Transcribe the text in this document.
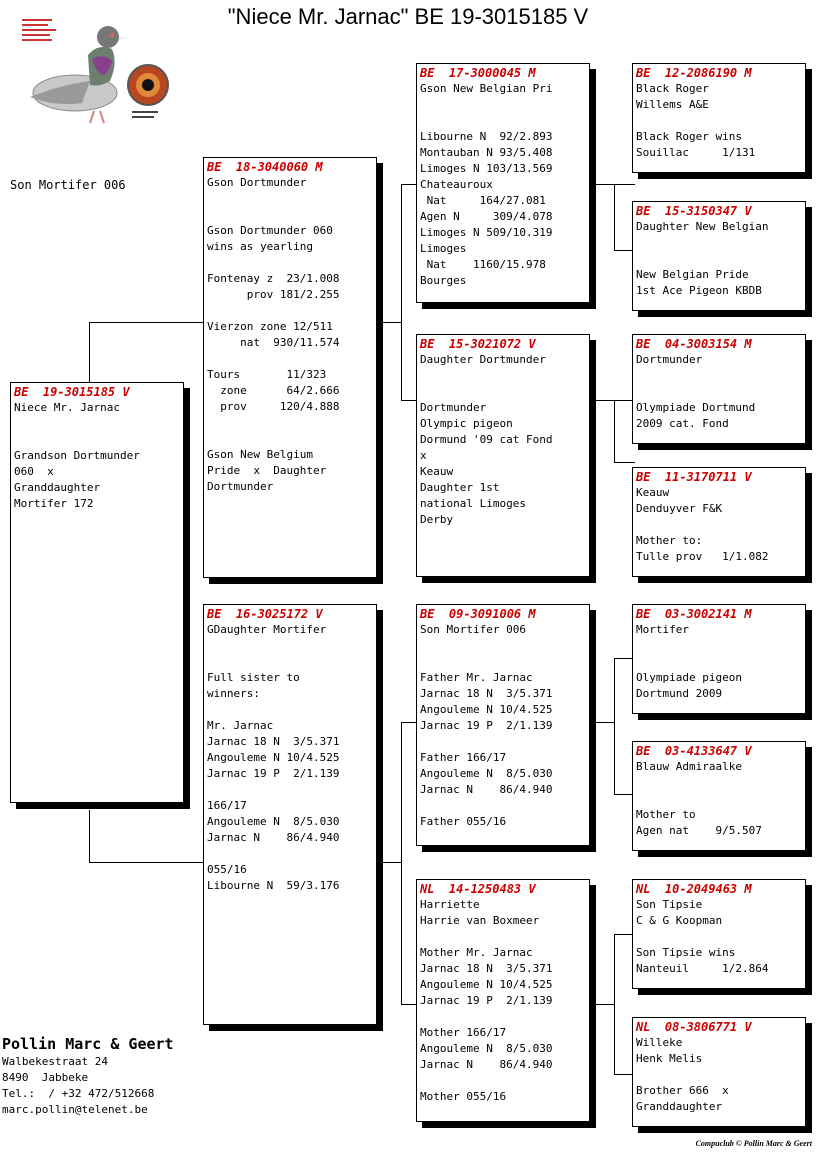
"Niece Mr. Jarnac" BE 19-3015185 V
Son Mortifer 006
BE  19-3015185 V
Niece Mr. Jarnac
Grandson Dortmunder
060  x
Granddaughter
Mortifer 172
BE  18-3040060 M
Gson Dortmunder
Gson Dortmunder 060
wins as yearling
Fontenay z  23/1.008
prov 181/2.255
Vierzon zone 12/511
nat  930/11.574
Tours       11/323
zone      64/2.666
prov     120/4.888
Gson New Belgium
Pride  x  Daughter
Dortmunder
BE  16-3025172 V
GDaughter Mortifer
Full sister to
winners:
Mr. Jarnac
Jarnac 18 N  3/5.371
Angouleme N 10/4.525
Jarnac 19 P  2/1.139
166/17
Angouleme N  8/5.030
Jarnac N    86/4.940
055/16
Libourne N  59/3.176
BE  17-3000045 M
Gson New Belgian Pri
Libourne N  92/2.893
Montauban N 93/5.408
Limoges N 103/13.569
Chateauroux
Nat     164/27.081
Agen N     309/4.078
Limoges N 509/10.319
Limoges
Nat    1160/15.978
Bourges
BE  15-3021072 V
Daughter Dortmunder
Dortmunder
Olympic pigeon
Dormund '09 cat Fond
x
Keauw
Daughter 1st
national Limoges
Derby
BE  09-3091006 M
Son Mortifer 006
Father Mr. Jarnac
Jarnac 18 N  3/5.371
Angouleme N 10/4.525
Jarnac 19 P  2/1.139
Father 166/17
Angouleme N  8/5.030
Jarnac N    86/4.940
Father 055/16
NL  14-1250483 V
Harriette
Harrie van Boxmeer
Mother Mr. Jarnac
Jarnac 18 N  3/5.371
Angouleme N 10/4.525
Jarnac 19 P  2/1.139
Mother 166/17
Angouleme N  8/5.030
Jarnac N    86/4.940
Mother 055/16
BE  12-2086190 M
Black Roger
Willems A&E
Black Roger wins
Souillac     1/131
BE  15-3150347 V
Daughter New Belgian
New Belgian Pride
1st Ace Pigeon KBDB
BE  04-3003154 M
Dortmunder
Olympiade Dortmund
2009 cat. Fond
BE  11-3170711 V
Keauw
Denduyver F&K
Mother to:
Tulle prov   1/1.082
BE  03-3002141 M
Mortifer
Olympiade pigeon
Dortmund 2009
BE  03-4133647 V
Blauw Admiraalke
Mother to
Agen nat    9/5.507
NL  10-2049463 M
Son Tipsie
C & G Koopman
Son Tipsie wins
Nanteuil     1/2.864
NL  08-3806771 V
Willeke
Henk Melis
Brother 666  x
Granddaughter
Pollin Marc & Geert
Walbekestraat 24
8490  Jabbeke
Tel.:  / +32 472/512668
marc.pollin@telenet.be
Compuclub © Pollin Marc & Geert
